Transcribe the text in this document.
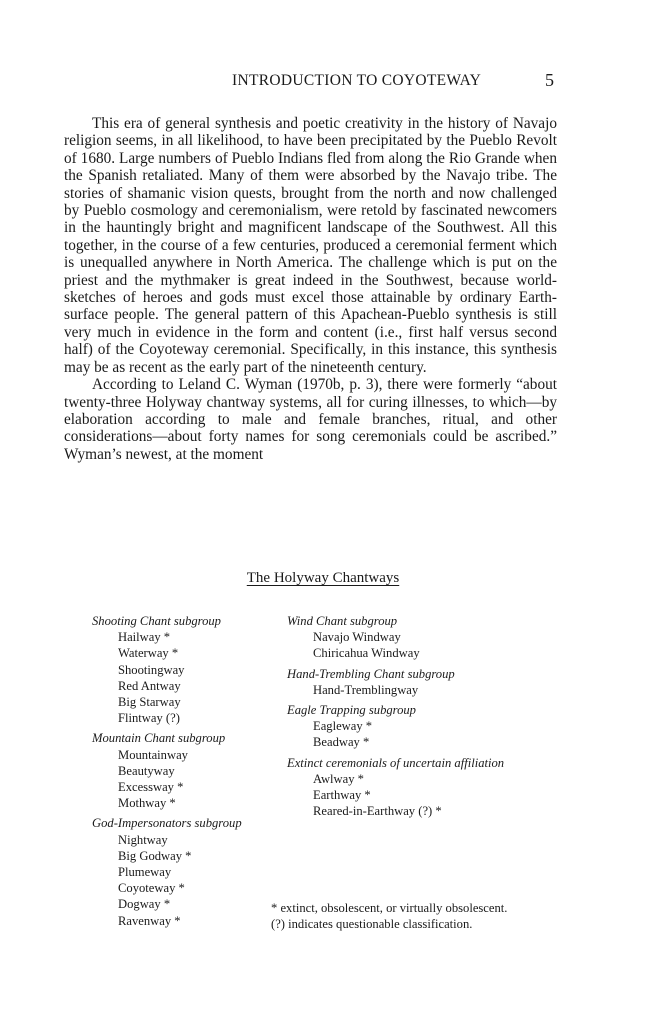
INTRODUCTION TO COYOTEWAY	5

This era of general synthesis and poetic creativity in the history of Navajo religion seems, in all likelihood, to have been precipitated by the Pueblo Revolt of 1680. Large numbers of Pueblo Indians fled from along the Rio Grande when the Spanish retaliated. Many of them were absorbed by the Navajo tribe. The stories of shamanic vision quests, brought from the north and now challenged by Pueblo cosmology and ceremonialism, were retold by fascinated newcomers in the hauntingly bright and magnificent landscape of the Southwest. All this together, in the course of a few centuries, produced a ceremonial ferment which is unequalled anywhere in North America. The challenge which is put on the priest and the mythmaker is great indeed in the Southwest, because world-sketches of heroes and gods must excel those attainable by ordinary Earth-surface people. The general pattern of this Apachean-Pueblo synthesis is still very much in evidence in the form and content (i.e., first half versus second half) of the Coyoteway ceremonial. Specifically, in this instance, this synthesis may be as recent as the early part of the nineteenth century.

According to Leland C. Wyman (1970b, p. 3), there were formerly “about twenty-three Holyway chantway systems, all for curing illnesses, to which—by elaboration according to male and female branches, ritual, and other considerations—about forty names for song ceremonials could be ascribed.” Wyman’s newest, at the moment

The Holyway Chantways
Shooting Chant subgroup
Hailway *
Waterway *
Shootingway
Red Antway
Big Starway
Flintway (?)
Mountain Chant subgroup
Mountainway
Beautyway
Excessway *
Mothway *
God-Impersonators subgroup
Nightway
Big Godway *
Plumeway
Coyoteway *
Dogway *
Ravenway *
Wind Chant subgroup
Navajo Windway
Chiricahua Windway
Hand-Trembling Chant subgroup
Hand-Tremblingway
Eagle Trapping subgroup
Eagleway *
Beadway *
Extinct ceremonials of uncertain affiliation
Awlway *
Earthway *
Reared-in-Earthway (?) *
* extinct, obsolescent, or virtually obsolescent.
(?) indicates questionable classification.
